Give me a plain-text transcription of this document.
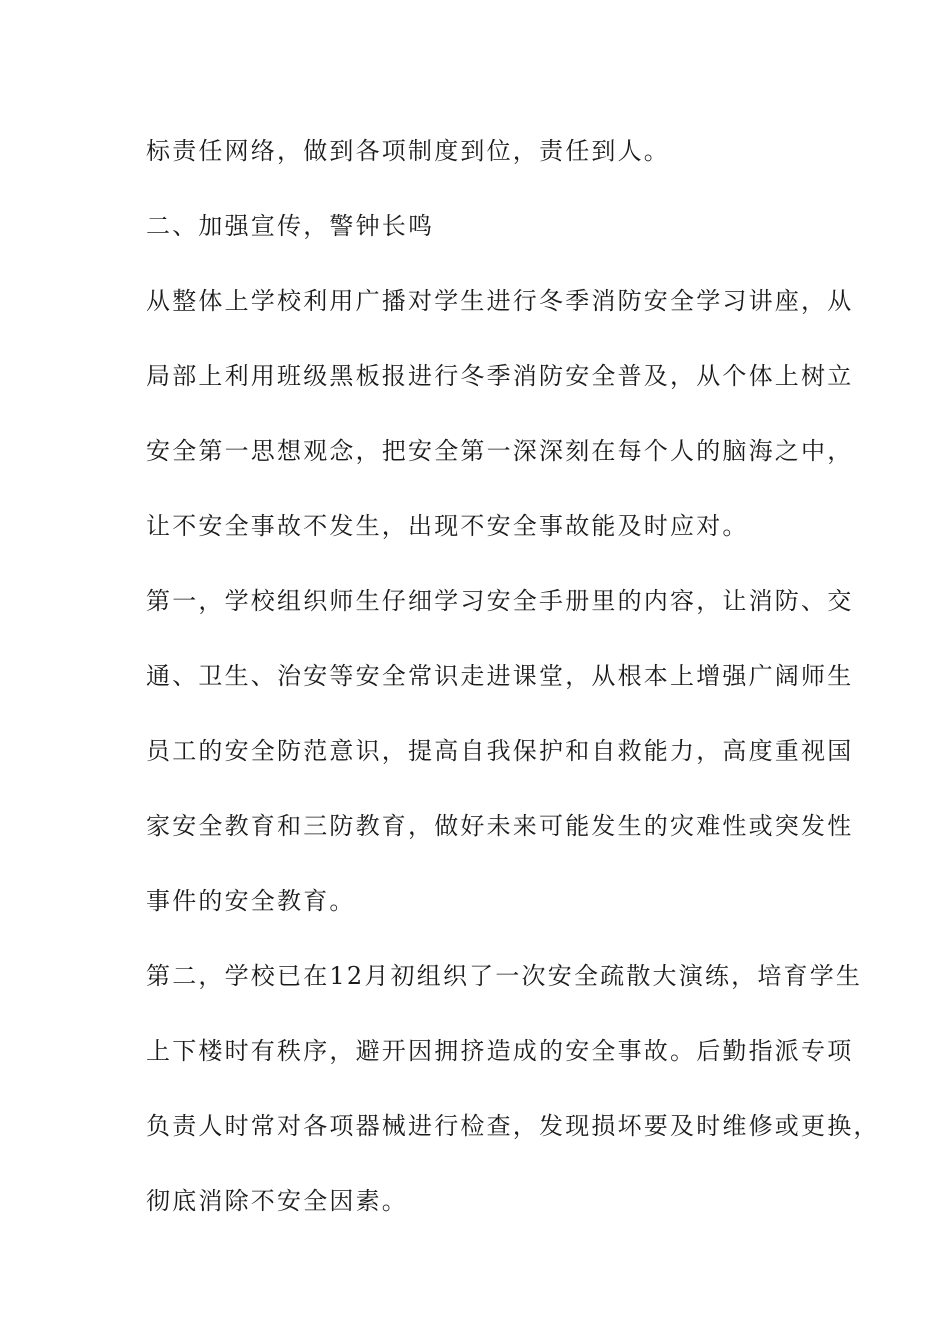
标责任网络，做到各项制度到位，责任到人。
二、加强宣传，警钟长鸣
从整体上学校利用广播对学生进行冬季消防安全学习讲座，从
局部上利用班级黑板报进行冬季消防安全普及，从个体上树立
安全第一思想观念，把安全第一深深刻在每个人的脑海之中，
让不安全事故不发生，出现不安全事故能及时应对。
第一，学校组织师生仔细学习安全手册里的内容，让消防、交
通、卫生、治安等安全常识走进课堂，从根本上增强广阔师生
员工的安全防范意识，提高自我保护和自救能力，高度重视国
家安全教育和三防教育，做好未来可能发生的灾难性或突发性
事件的安全教育。
第二，学校已在12月初组织了一次安全疏散大演练，培育学生
上下楼时有秩序，避开因拥挤造成的安全事故。后勤指派专项
负责人时常对各项器械进行检查，发现损坏要及时维修或更换，
彻底消除不安全因素。
